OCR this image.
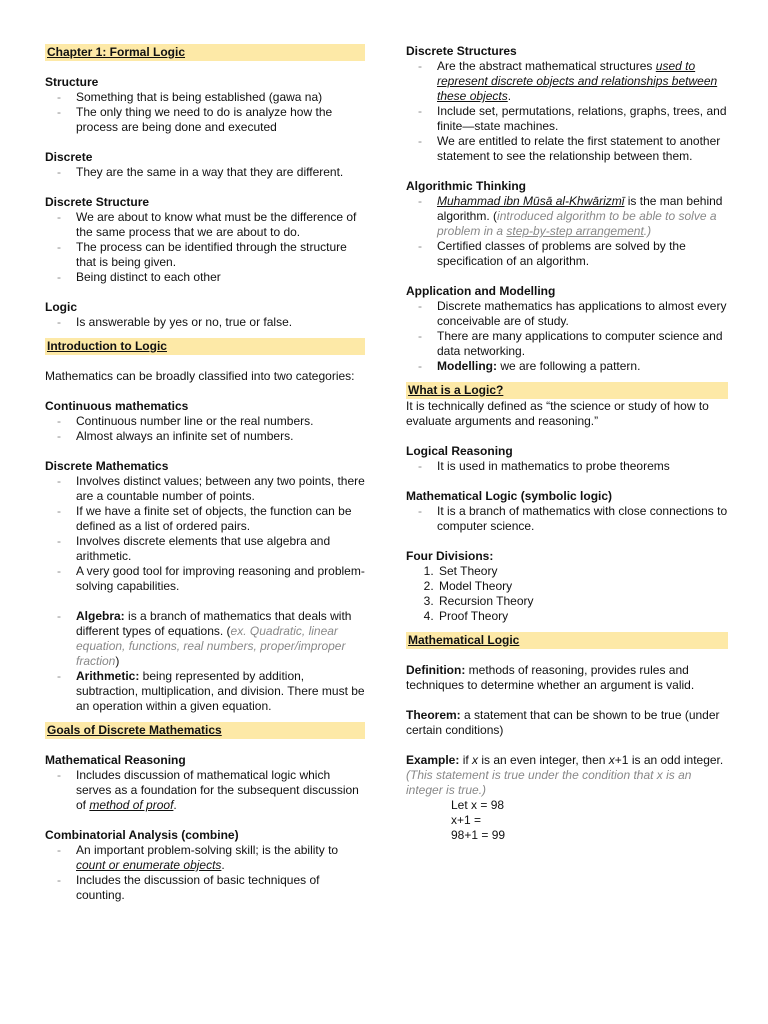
Chapter 1: Formal Logic

Structure

- Something that is being established (gawa na)
- The only thing we need to do is analyze how the process are being done and executed

Discrete

- They are the same in a way that they are different.

Discrete Structure

- We are about to know what must be the difference of the same process that we are about to do.
- The process can be identified through the structure that is being given.
- Being distinct to each other

Logic

- Is answerable by yes or no, true or false.
Introduction to Logic

Mathematics can be broadly classified into two categories:

Continuous mathematics

- Continuous number line or the real numbers.
- Almost always an infinite set of numbers.

Discrete Mathematics

- Involves distinct values; between any two points, there are a countable number of points.
- If we have a finite set of objects, the function can be defined as a list of ordered pairs.
- Involves discrete elements that use algebra and arithmetic.
- A very good tool for improving reasoning and problem-solving capabilities.
- Algebra: is a branch of mathematics that deals with different types of equations. (ex. Quadratic, linear equation, functions, real numbers, proper/improper fraction)
- Arithmetic: being represented by addition, subtraction, multiplication, and division. There must be an operation within a given equation.
Goals of Discrete Mathematics

Mathematical Reasoning

- Includes discussion of mathematical logic which serves as a foundation for the subsequent discussion of method of proof.

Combinatorial Analysis (combine)

- An important problem-solving skill; is the ability to count or enumerate objects.
- Includes the discussion of basic techniques of counting.

Discrete Structures

- Are the abstract mathematical structures used to represent discrete objects and relationships between these objects.
- Include set, permutations, relations, graphs, trees, and finite—state machines.
- We are entitled to relate the first statement to another statement to see the relationship between them.

Algorithmic Thinking

- Muhammad ibn Mūsā al-Khwārizmī is the man behind algorithm. (introduced algorithm to be able to solve a problem in a step-by-step arrangement.)
- Certified classes of problems are solved by the specification of an algorithm.

Application and Modelling

- Discrete mathematics has applications to almost every conceivable are of study.
- There are many applications to computer science and data networking.
- Modelling: we are following a pattern.
What is a Logic?

It is technically defined as “the science or study of how to evaluate arguments and reasoning.”

Logical Reasoning

- It is used in mathematics to probe theorems

Mathematical Logic (symbolic logic)

- It is a branch of mathematics with close connections to computer science.

Four Divisions:

1. Set Theory
2. Model Theory
3. Recursion Theory
4. Proof Theory
Mathematical Logic

Definition: methods of reasoning, provides rules and techniques to determine whether an argument is valid.

Theorem: a statement that can be shown to be true (under certain conditions)

Example: if x is an even integer, then x+1 is an odd integer. (This statement is true under the condition that x is an integer is true.)

Let x = 98
x+1 =
98+1 = 99
